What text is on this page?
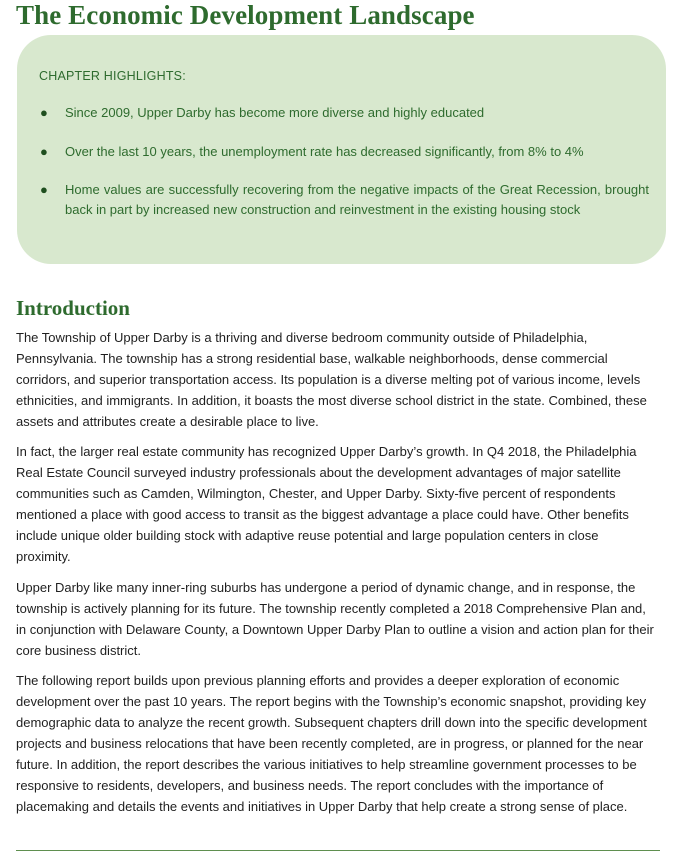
The Economic Development Landscape
CHAPTER HIGHLIGHTS:
● Since 2009, Upper Darby has become more diverse and highly educated
● Over the last 10 years, the unemployment rate has decreased significantly, from 8% to 4%
● Home values are successfully recovering from the negative impacts of the Great Recession, brought back in part by increased new construction and reinvestment in the existing housing stock
Introduction

The Township of Upper Darby is a thriving and diverse bedroom community outside of Philadelphia, Pennsylvania. The township has a strong residential base, walkable neighborhoods, dense commercial corridors, and superior transportation access. Its population is a diverse melting pot of various income, levels ethnicities, and immigrants. In addition, it boasts the most diverse school district in the state. Combined, these assets and attributes create a desirable place to live.

In fact, the larger real estate community has recognized Upper Darby’s growth. In Q4 2018, the Philadelphia Real Estate Council surveyed industry professionals about the development advantages of major satellite communities such as Camden, Wilmington, Chester, and Upper Darby. Sixty-five percent of respondents mentioned a place with good access to transit as the biggest advantage a place could have. Other benefits include unique older building stock with adaptive reuse potential and large population centers in close proximity.

Upper Darby like many inner-ring suburbs has undergone a period of dynamic change, and in response, the township is actively planning for its future. The township recently completed a 2018 Comprehensive Plan and, in conjunction with Delaware County, a Downtown Upper Darby Plan to outline a vision and action plan for their core business district.

The following report builds upon previous planning efforts and provides a deeper exploration of economic development over the past 10 years. The report begins with the Township’s economic snapshot, providing key demographic data to analyze the recent growth. Subsequent chapters drill down into the specific development projects and business relocations that have been recently completed, are in progress, or planned for the near future. In addition, the report describes the various initiatives to help streamline government processes to be responsive to residents, developers, and business needs. The report concludes with the importance of placemaking and details the events and initiatives in Upper Darby that help create a strong sense of place.
